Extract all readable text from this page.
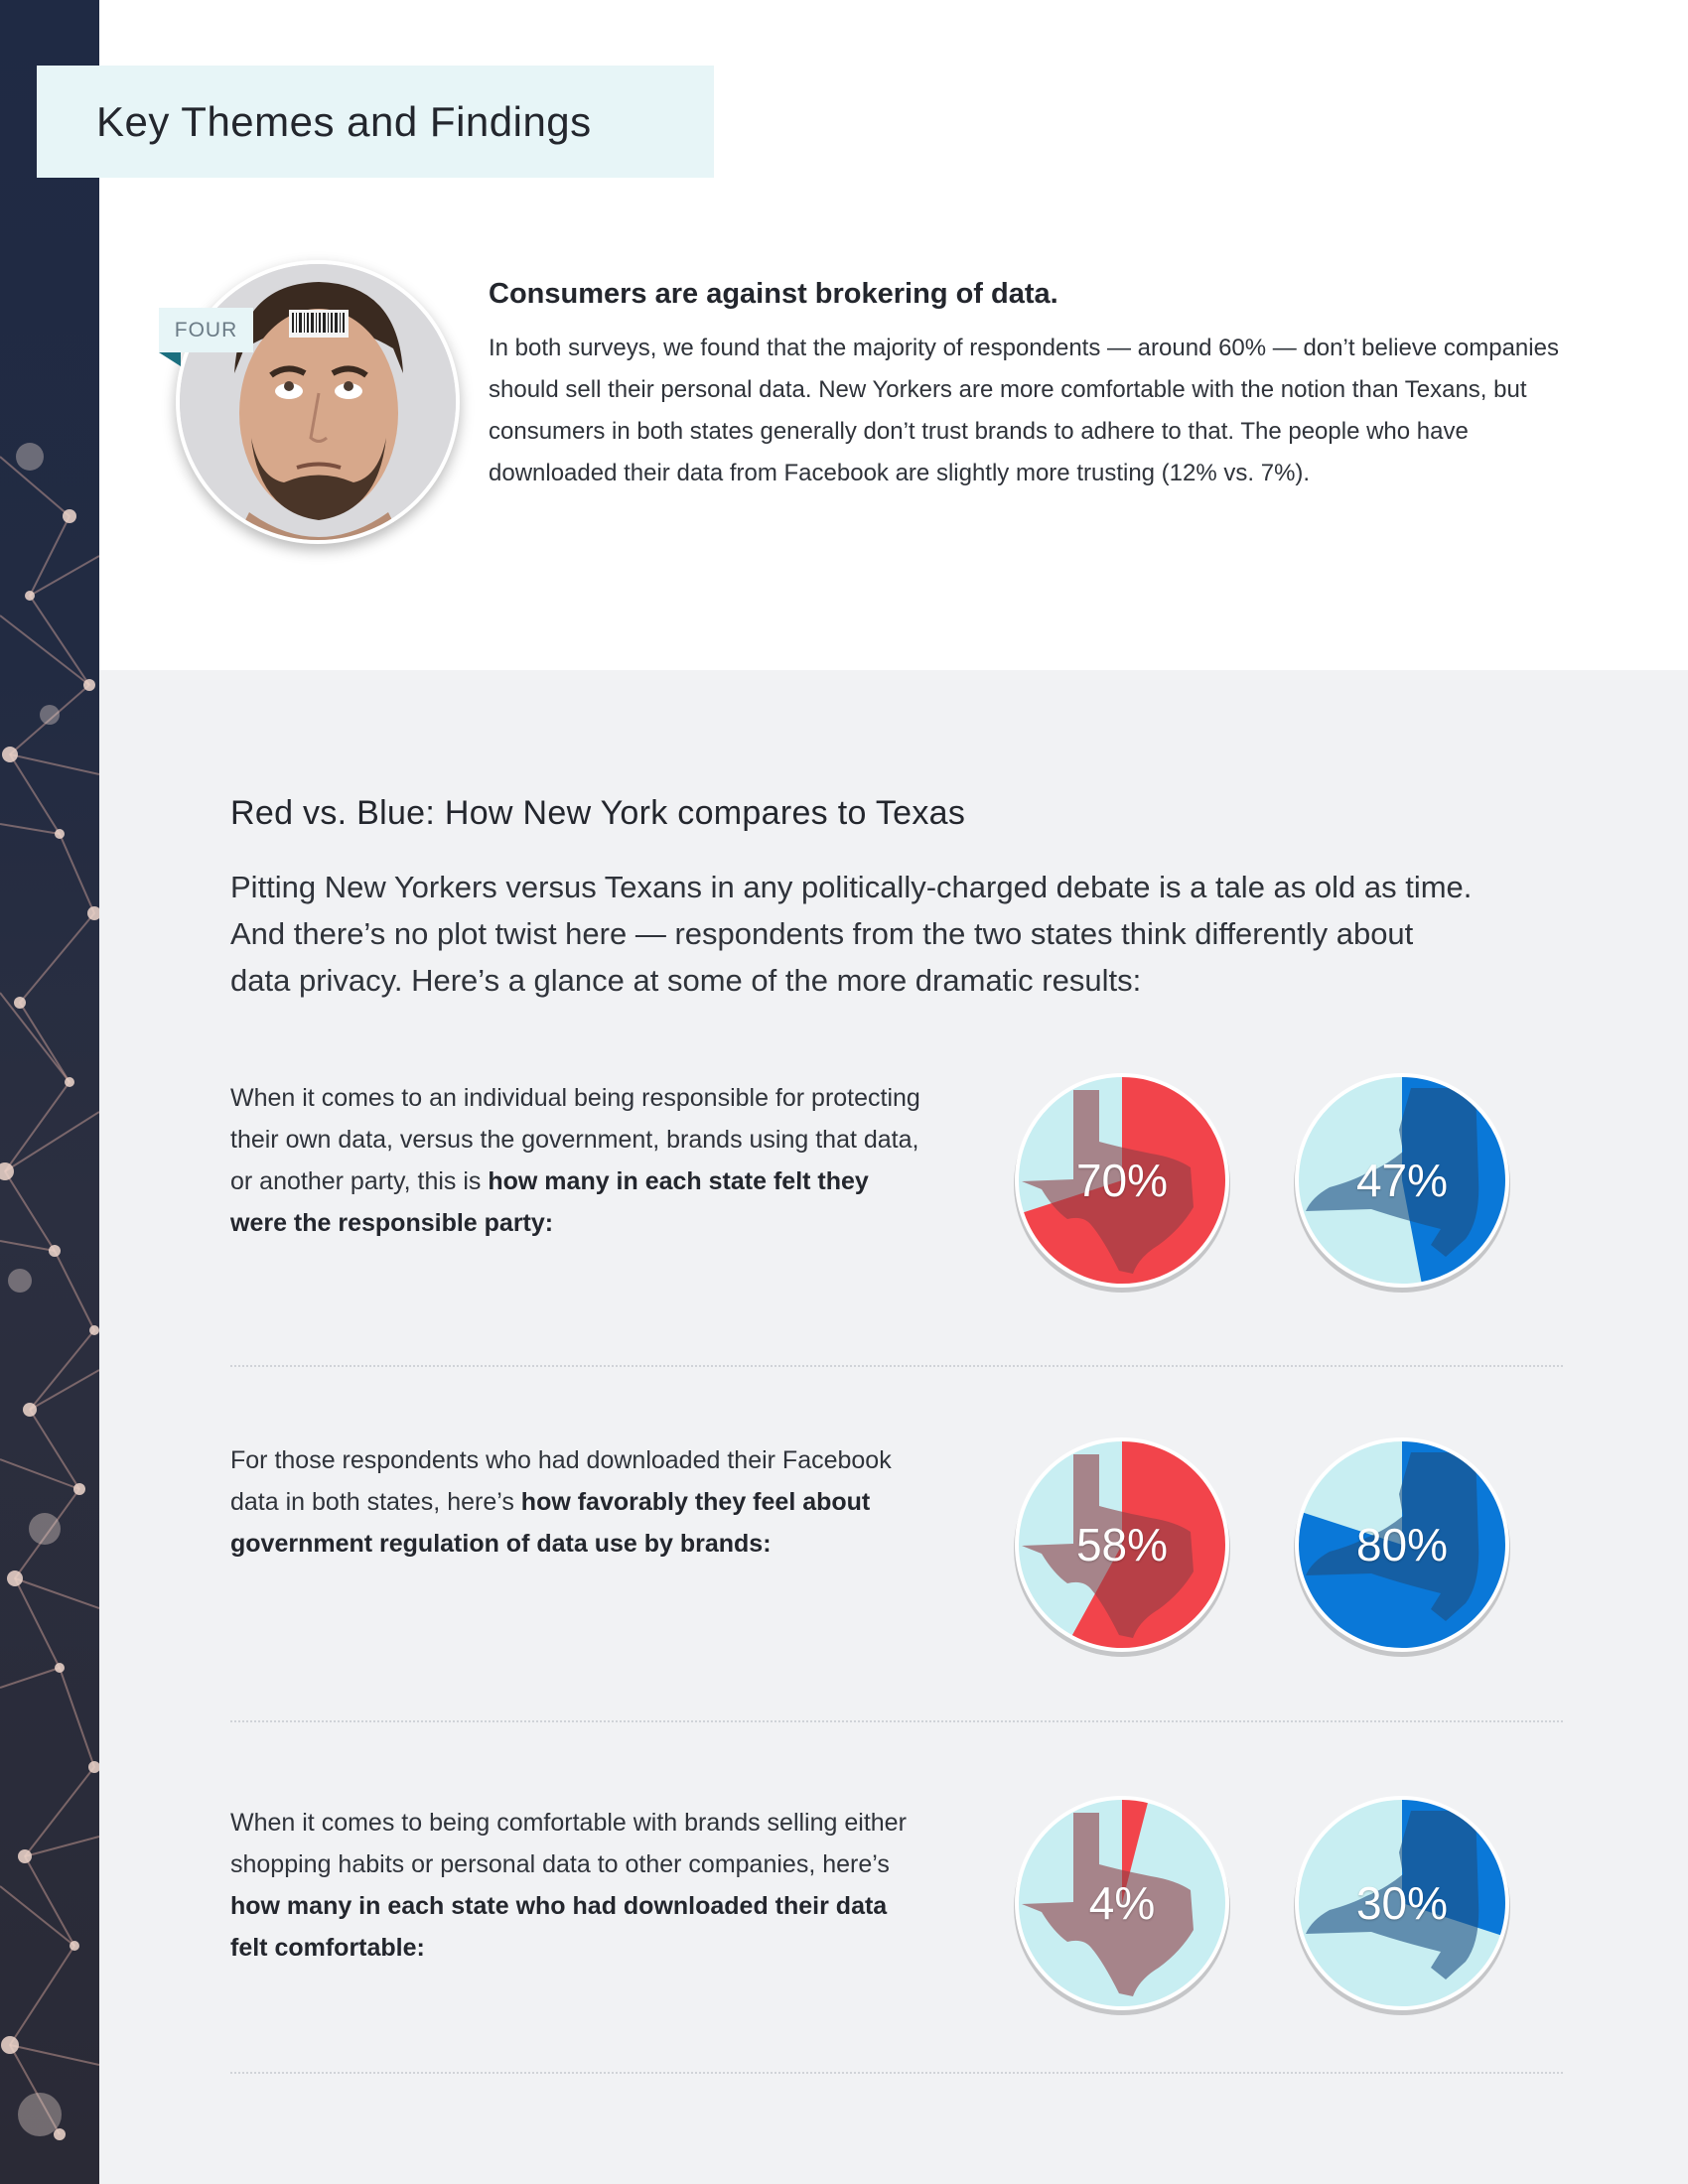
Key Themes and Findings
FOUR
Consumers are against brokering of data.

In both surveys, we found that the majority of respondents — around 60% — don’t believe companies should sell their personal data. New Yorkers are more comfortable with the notion than Texans, but consumers in both states generally don’t trust brands to adhere to that. The people who have downloaded their data from Facebook are slightly more trusting (12% vs. 7%).

Red vs. Blue: How New York compares to Texas

Pitting New Yorkers versus Texans in any politically-charged debate is a tale as old as time. And there’s no plot twist here — respondents from the two states think differently about data privacy. Here’s a glance at some of the more dramatic results:

When it comes to an individual being responsible for protecting their own data, versus the government, brands using that data, or another party, this is how many in each state felt they were the responsible party:

For those respondents who had downloaded their Facebook data in both states, here’s how favorably they feel about government regulation of data use by brands:

When it comes to being comfortable with brands selling either shopping habits or personal data to other companies, here’s how many in each state who had downloaded their data felt comfortable:

70%	47%
58%	80%
4%	30%
